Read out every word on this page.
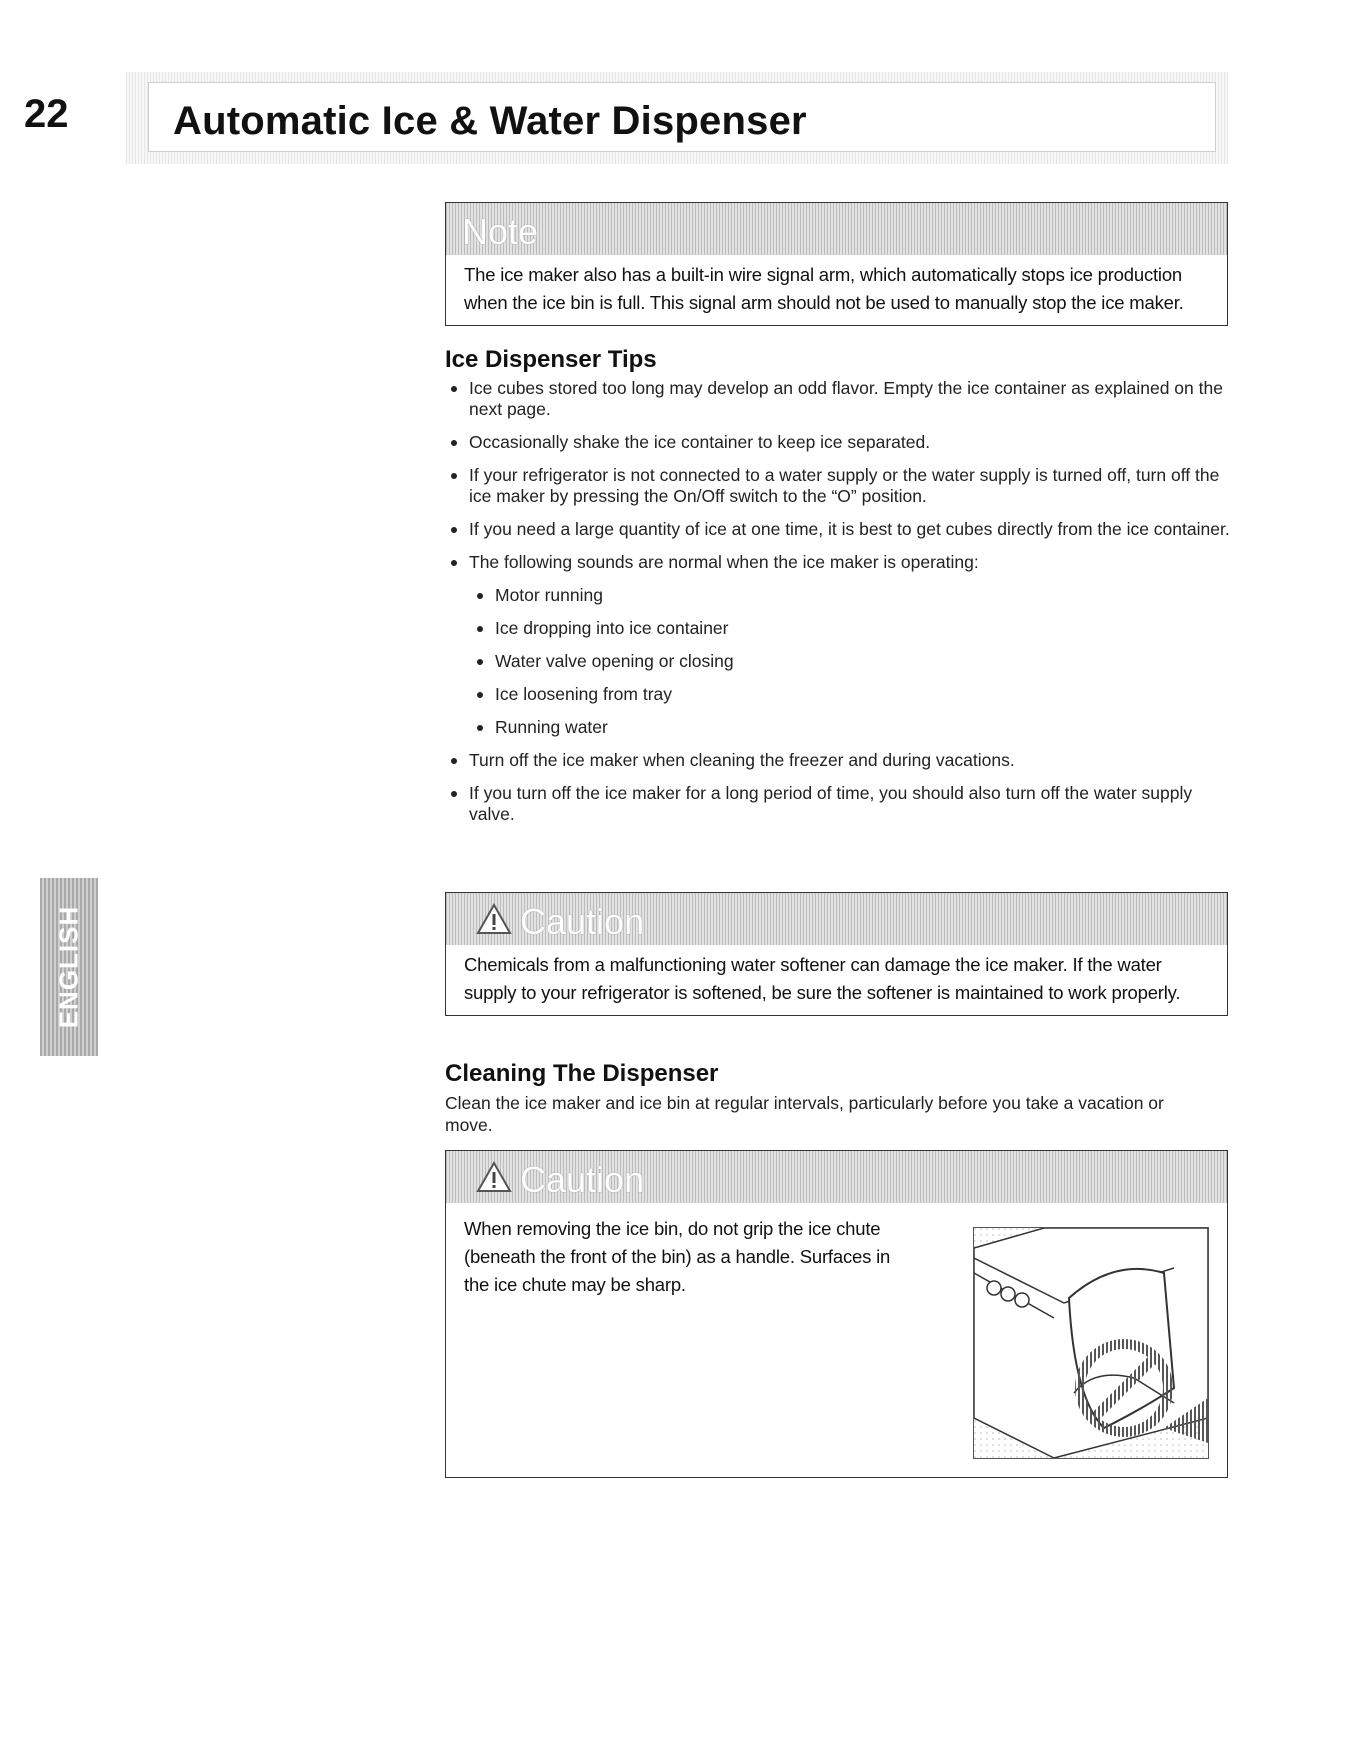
22	Automatic Ice & Water Dispenser
ENGLISH
Note
The ice maker also has a built-in wire signal arm, which automatically stops ice production when the ice bin is full. This signal arm should not be used to manually stop the ice maker.
Ice Dispenser Tips
Ice cubes stored too long may develop an odd flavor. Empty the ice container as explained on the next page.
Occasionally shake the ice container to keep ice separated.
If your refrigerator is not connected to a water supply or the water supply is turned off, turn off the ice maker by pressing the On/Off switch to the “O” position.
If you need a large quantity of ice at one time, it is best to get cubes directly from the ice container.
The following sounds are normal when the ice maker is operating:
Motor running
Ice dropping into ice container
Water valve opening or closing
Ice loosening from tray
Running water
Turn off the ice maker when cleaning the freezer and during vacations.
If you turn off the ice maker for a long period of time, you should also turn off the water supply valve.
Caution
Chemicals from a malfunctioning water softener can damage the ice maker. If the water supply to your refrigerator is softened, be sure the softener is maintained to work properly.
Cleaning The Dispenser
Clean the ice maker and ice bin at regular intervals, particularly before you take a vacation or move.
Caution
When removing the ice bin, do not grip the ice chute (beneath the front of the bin) as a handle. Surfaces in the ice chute may be sharp.
